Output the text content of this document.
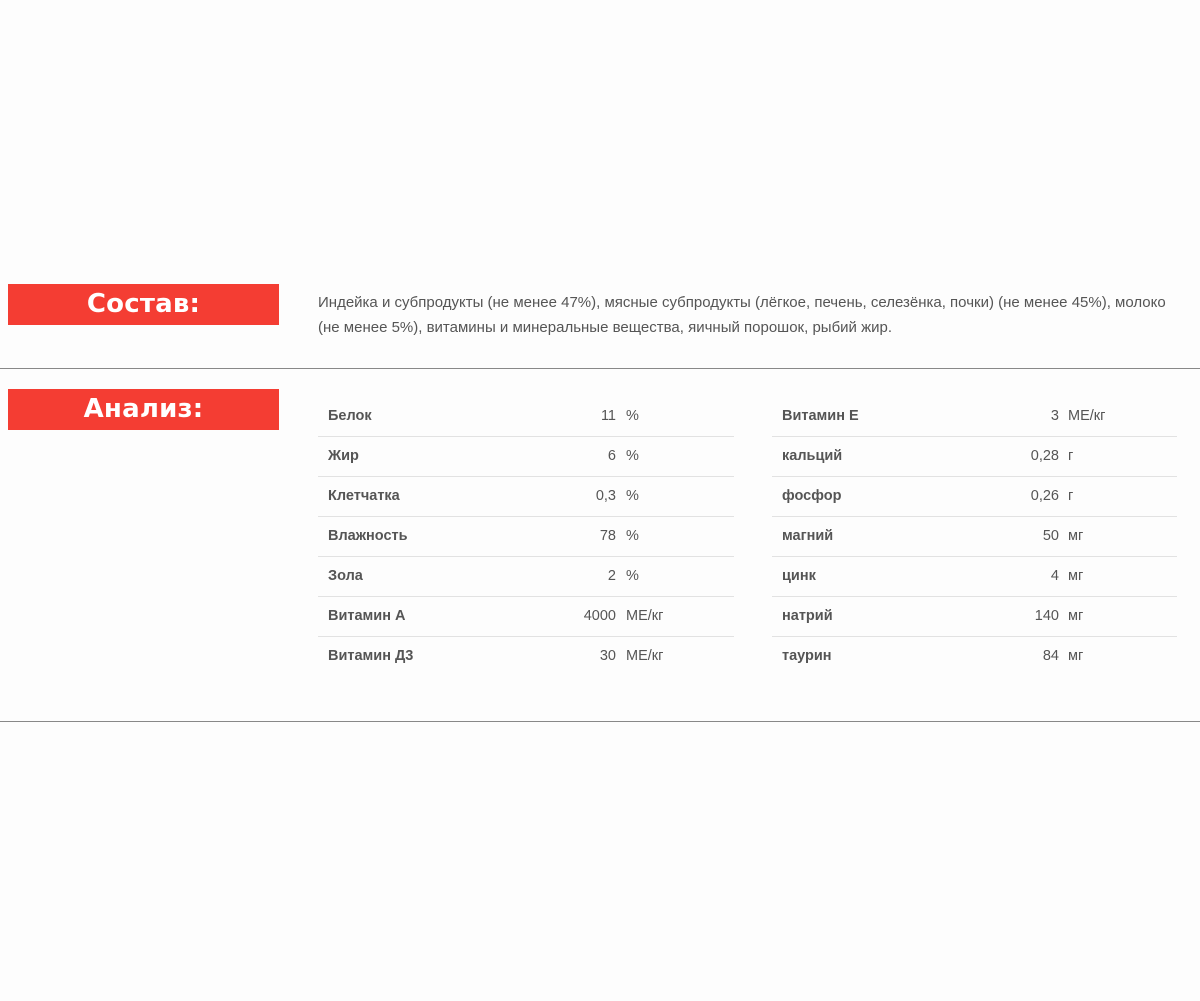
Состав:	Индейка и субпродукты (не менее 47%), мясные субпродукты (лёгкое, печень, селезёнка, почки) (не менее 45%), молоко (не менее 5%), витамины и минеральные вещества, яичный порошок, рыбий жир.
Анализ:	Белок	11 %
Жир	6 %
Клетчатка	0,3 %
Влажность	78 %
Зола	2 %
Витамин А	4000 МЕ/кг
Витамин Д3	30 МЕ/кг
Витамин Е	3 МЕ/кг
кальций	0,28 г
фосфор	0,26 г
магний	50 мг
цинк	4 мг
натрий	140 мг
таурин	84 мг
